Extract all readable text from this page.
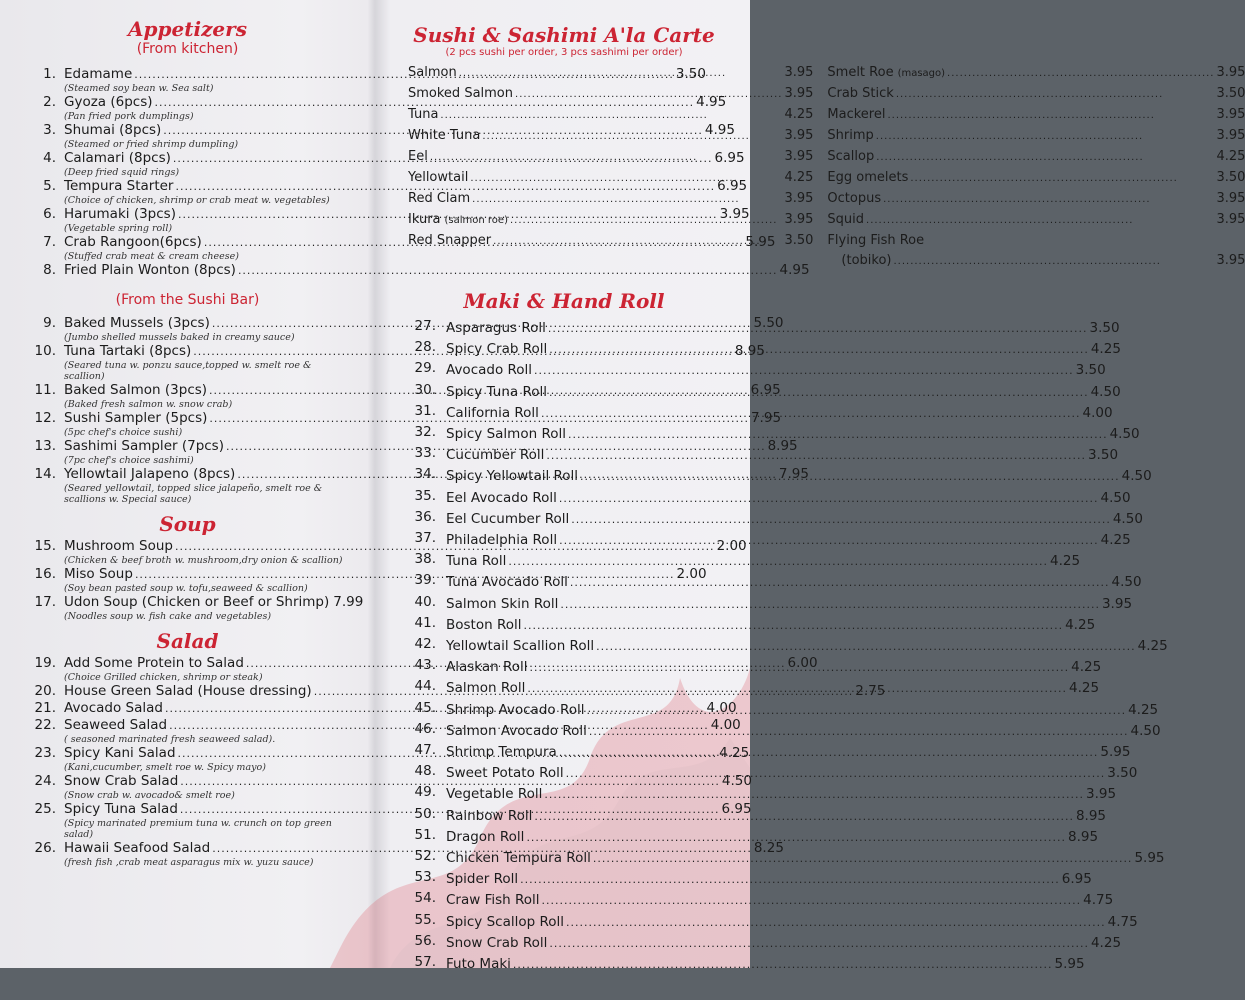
Appetizers
(From kitchen)
1. Edamame .....	3.50
(Steamed soy bean w. Sea salt)
2. Gyoza (6pcs) .....	4.95
(Pan fried pork dumplings)
3. Shumai (8pcs) .....	4.95
(Steamed or fried shrimp dumpling)
4. Calamari (8pcs) .....	6.95
(Deep fried squid rings)
5. Tempura Starter .....	6.95
(Choice of chicken, shrimp or crab meat w. vegetables)
6. Harumaki (3pcs) .....	3.95
(Vegetable spring roll)
7. Crab Rangoon(6pcs) .....	5.95
(Stuffed crab meat & cream cheese)
8. Fried Plain Wonton (8pcs) .....	4.95
(From the Sushi Bar)
9. Baked Mussels (3pcs) .....	5.50
(Jumbo shelled mussels baked in creamy sauce)
10. Tuna Tartaki (8pcs) .....	8.95
(Seared tuna w. ponzu sauce,topped w. smelt roe & scallion)
11. Baked Salmon (3pcs) .....	6.95
(Baked fresh salmon w. snow crab)
12. Sushi Sampler (5pcs) .....	7.95
(5pc chef's choice sushi)
13. Sashimi Sampler (7pcs) .....	8.95
(7pc chef's choice sashimi)
14. Yellowtail Jalapeno (8pcs) .....	7.95
(Seared yellowtail, topped slice jalapeño, smelt roe & scallions w. Special sauce)
Soup
15. Mushroom Soup .....	2.00
(Chicken & beef broth w. mushroom,dry onion & scallion)
16. Miso Soup .....	2.00
(Soy bean pasted soup w. tofu,seaweed & scallion)
17. Udon Soup (Chicken or Beef or Shrimp) 7.99
(Noodles soup w. fish cake and vegetables)
Salad
19. Add Some Protein to Salad .....	6.00
(Choice Grilled chicken, shrimp or steak)
20. House Green Salad (House dressing) .....	2.75
21. Avocado Salad .....	4.00
22. Seaweed Salad .....	4.00
( seasoned marinated fresh seaweed salad).
23. Spicy Kani Salad .....	4.25
(Kani,cucumber, smelt roe w. Spicy mayo)
24. Snow Crab Salad .....	4.50
(Snow crab w. avocado& smelt roe)
25. Spicy Tuna Salad .....	6.95
(Spicy marinated premium tuna w. crunch on top green salad)
26. Hawaii Seafood Salad .....	8.25
(fresh fish ,crab meat asparagus mix w. yuzu sauce)
Sushi & Sashimi A'la Carte
(2 pcs sushi per order, 3 pcs sashimi per order)
Salmon .....	3.95
Smoked Salmon .....	3.95
Tuna .....	4.25
White Tuna .....	3.95
Eel .....	3.95
Yellowtail .....	4.25
Red Clam .....	3.95
Ikura (salmon roe) .....	3.95
Red Snapper .....	3.50
Smelt Roe (masago) .....	3.95
Crab Stick .....	3.50
Mackerel .....	3.95
Shrimp .....	3.95
Scallop .....	4.25
Egg omelets .....	3.50
Octopus .....	3.95
Squid .....	3.95
Flying Fish Roe
(tobiko) .....	3.95
Maki & Hand Roll
27. Asparagus Roll .....	3.50
28. Spicy Crab Roll .....	4.25
29. Avocado Roll .....	3.50
30. Spicy Tuna Roll .....	4.50
31. California Roll .....	4.00
32. Spicy Salmon Roll .....	4.50
33. Cucumber Roll .....	3.50
34. Spicy Yellowtail Roll .....	4.50
35. Eel Avocado Roll .....	4.50
36. Eel Cucumber Roll .....	4.50
37. Philadelphia Roll .....	4.25
38. Tuna Roll .....	4.25
39. Tuna Avocado Roll .....	4.50
40. Salmon Skin Roll .....	3.95
41. Boston Roll .....	4.25
42. Yellowtail Scallion Roll .....	4.25
43. Alaskan Roll .....	4.25
44. Salmon Roll .....	4.25
45. Shrimp Avocado Roll .....	4.25
46. Salmon Avocado Roll .....	4.50
47. Shrimp Tempura .....	5.95
48. Sweet Potato Roll .....	3.50
49. Vegetable Roll .....	3.95
50. Rainbow Roll .....	8.95
51. Dragon Roll .....	8.95
52. Chicken Tempura Roll .....	5.95
53. Spider Roll .....	6.95
54. Craw Fish Roll .....	4.75
55. Spicy Scallop Roll .....	4.75
56. Snow Crab Roll .....	4.25
57. Futo Maki .....	5.95
